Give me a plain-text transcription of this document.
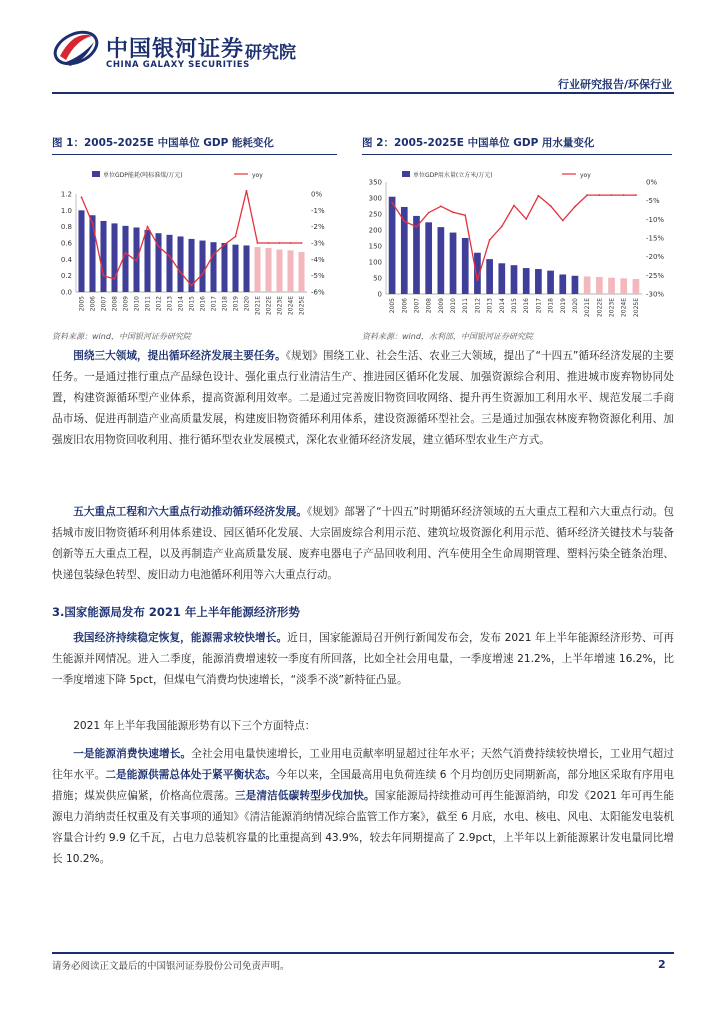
中国银河证券
CHINA GALAXY SECURITIES
研究院
行业研究报告/环保行业
图 1：2005-2025E 中国单位 GDP 能耗变化	图 2：2005-2025E 中国单位 GDP 用水量变化
1.2
1.0
0.8
0.6
0.4
0.2
0.0
0%
-1%
-2%
-3%
-4%
-5%
-6%
2005 2006 2007 2008 2009 2010 2011 2012 2013 2014 2015 2016 2017 2018 2019 2020 2021E 2022E 2023E 2024E 2025E
单位GDP能耗(吨标准煤/万元)	yoy
资料来源：wind，中国银河证券研究院
350
300
250
200
150
100
50
0
0%
-5%
-10%
-15%
-20%
-25%
-30%
2005 2006 2007 2008 2009 2010 2011 2012 2013 2014 2015 2016 2017 2018 2019 2020 2021E 2022E 2023E 2024E 2025E
单位GDP用水量(立方米/万元)	yoy
资料来源：wind，水利部，中国银河证券研究院
围绕三大领域，提出循环经济发展主要任务。《规划》围绕工业、社会生活、农业三大领域，提出了“十四五”循环经济发展的主要任务。一是通过推行重点产品绿色设计、强化重点行业清洁生产、推进园区循环化发展、加强资源综合利用、推进城市废弃物协同处置，构建资源循环型产业体系，提高资源利用效率。二是通过完善废旧物资回收网络、提升再生资源加工利用水平、规范发展二手商品市场、促进再制造产业高质量发展，构建废旧物资循环利用体系，建设资源循环型社会。三是通过加强农林废弃物资源化利用、加强废旧农用物资回收利用、推行循环型农业发展模式，深化农业循环经济发展，建立循环型农业生产方式。
五大重点工程和六大重点行动推动循环经济发展。《规划》部署了“十四五”时期循环经济领域的五大重点工程和六大重点行动。包括城市废旧物资循环利用体系建设、园区循环化发展、大宗固废综合利用示范、建筑垃圾资源化利用示范、循环经济关键技术与装备创新等五大重点工程，以及再制造产业高质量发展、废弃电器电子产品回收利用、汽车使用全生命周期管理、塑料污染全链条治理、快递包装绿色转型、废旧动力电池循环利用等六大重点行动。
3.国家能源局发布 2021 年上半年能源经济形势
我国经济持续稳定恢复，能源需求较快增长。近日，国家能源局召开例行新闻发布会，发布 2021 年上半年能源经济形势、可再生能源并网情况。进入二季度，能源消费增速较一季度有所回落，比如全社会用电量，一季度增速 21.2%，上半年增速 16.2%，比一季度增速下降 5pct，但煤电气消费均快速增长，“淡季不淡”新特征凸显。
2021 年上半年我国能源形势有以下三个方面特点：
一是能源消费快速增长。全社会用电量快速增长，工业用电贡献率明显超过往年水平；天然气消费持续较快增长，工业用气超过往年水平。二是能源供需总体处于紧平衡状态。今年以来，全国最高用电负荷连续 6 个月均创历史同期新高，部分地区采取有序用电措施；煤炭供应偏紧，价格高位震荡。三是清洁低碳转型步伐加快。国家能源局持续推动可再生能源消纳，印发《2021 年可再生能源电力消纳责任权重及有关事项的通知》《清洁能源消纳情况综合监管工作方案》，截至 6 月底，水电、核电、风电、太阳能发电装机容量合计约 9.9 亿千瓦，占电力总装机容量的比重提高到 43.9%，较去年同期提高了 2.9pct，上半年以上新能源累计发电量同比增长 10.2%。
请务必阅读正文最后的中国银河证券股份公司免责声明。	2
